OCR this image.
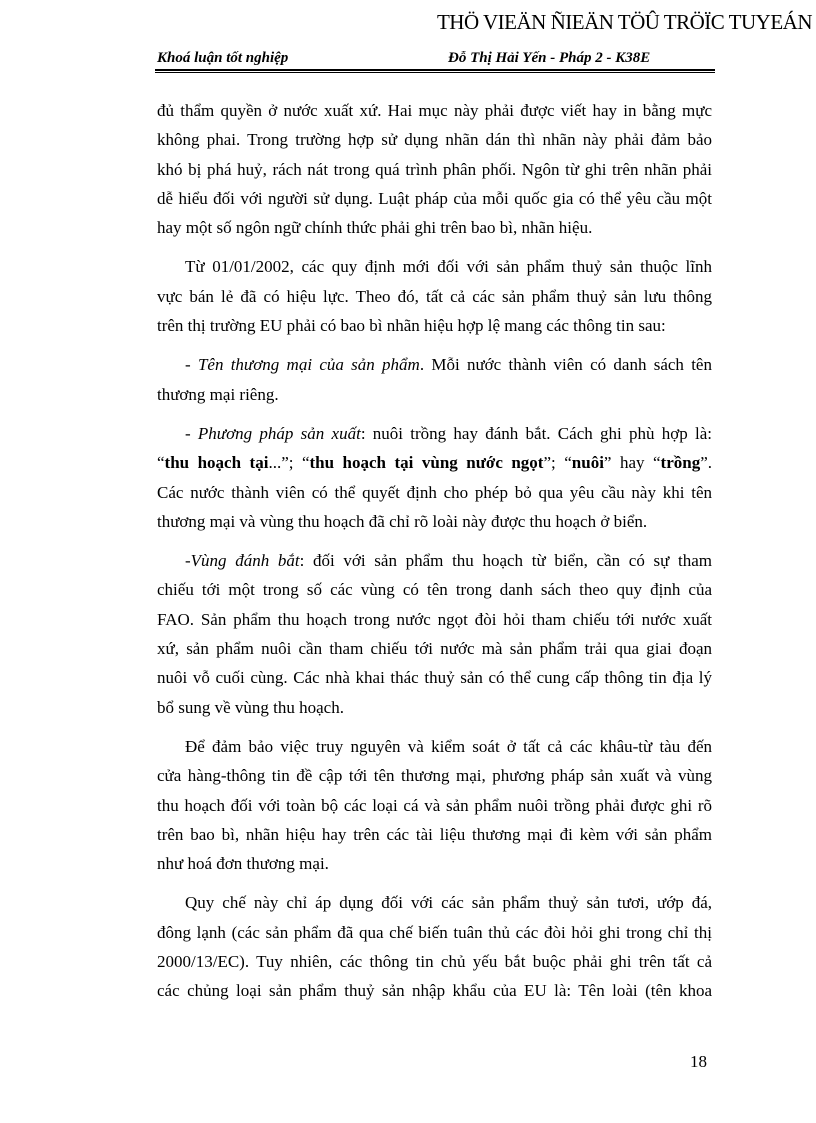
THÖ VIEÄN ÑIEÄN TÖÛ TRÖÏC TUYEÁN
Khoá luận tốt nghiệp	Đỗ Thị Hải Yến - Pháp 2 - K38E
đủ thẩm quyền ở nước xuất xứ. Hai mục này phải được viết hay in bằng mực
không phai. Trong trường hợp sử dụng nhãn dán thì nhãn này phải đảm bảo
khó bị phá huỷ, rách nát trong quá trình phân phối. Ngôn từ ghi trên nhãn phải
dễ hiểu đối với người sử dụng. Luật pháp của mỗi quốc gia có thể yêu cầu một
hay một số ngôn ngữ chính thức phải ghi trên bao bì, nhãn hiệu.
Từ 01/01/2002, các quy định mới đối với sản phẩm thuỷ sản thuộc lĩnh
vực bán lẻ đã có hiệu lực. Theo đó, tất cả các sản phẩm thuỷ sản lưu thông
trên thị trường EU phải có bao bì nhãn hiệu hợp lệ mang các thông tin sau:
- Tên thương mại của sản phẩm. Mỗi nước thành viên có danh sách tên
thương mại riêng.
- Phương pháp sản xuất: nuôi trồng hay đánh bắt. Cách ghi phù hợp là:
“thu hoạch tại...”; “thu hoạch tại vùng nước ngọt”; “nuôi” hay “trồng”.
Các nước thành viên có thể quyết định cho phép bỏ qua yêu cầu này khi tên
thương mại và vùng thu hoạch đã chỉ rõ loài này được thu hoạch ở biển.
-Vùng đánh bắt: đối với sản phẩm thu hoạch từ biển, cần có sự tham
chiếu tới một trong số các vùng có tên trong danh sách theo quy định của
FAO. Sản phẩm thu hoạch trong nước ngọt đòi hỏi tham chiếu tới nước xuất
xứ, sản phẩm nuôi cần tham chiếu tới nước mà sản phẩm trải qua giai đoạn
nuôi vỗ cuối cùng. Các nhà khai thác thuỷ sản có thể cung cấp thông tin địa lý
bổ sung về vùng thu hoạch.
Để đảm bảo việc truy nguyên và kiểm soát ở tất cả các khâu-từ tàu đến
cửa hàng-thông tin đề cập tới tên thương mại, phương pháp sản xuất và vùng
thu hoạch đối với toàn bộ các loại cá và sản phẩm nuôi trồng phải được ghi rõ
trên bao bì, nhãn hiệu hay trên các tài liệu thương mại đi kèm với sản phẩm
như hoá đơn thương mại.
Quy chế này chỉ áp dụng đối với các sản phẩm thuỷ sản tươi, ướp đá,
đông lạnh (các sản phẩm đã qua chế biến tuân thủ các đòi hỏi ghi trong chỉ thị
2000/13/EC). Tuy nhiên, các thông tin chủ yếu bắt buộc phải ghi trên tất cả
các chủng loại sản phẩm thuỷ sản nhập khẩu của EU là: Tên loài (tên khoa
18
